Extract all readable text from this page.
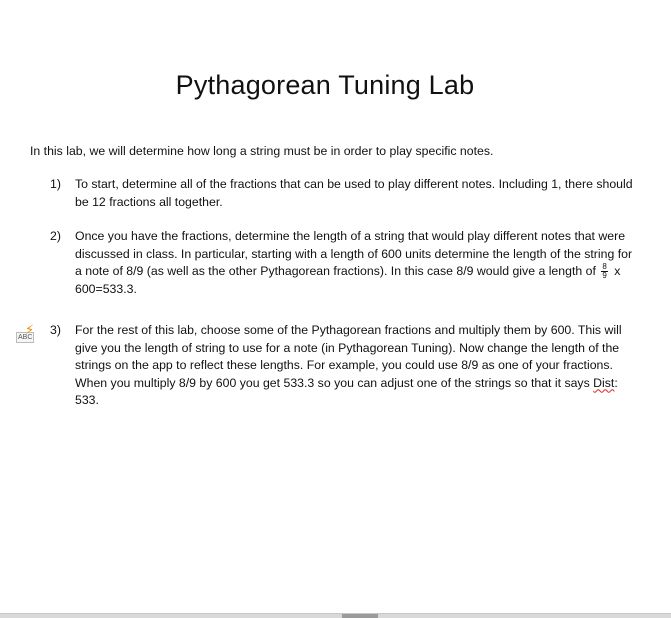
Pythagorean Tuning Lab
In this lab, we will determine how long a string must be in order to play specific notes.
1) To start, determine all of the fractions that can be used to play different notes. Including 1, there should be 12 fractions all together.
2) Once you have the fractions, determine the length of a string that would play different notes that were discussed in class. In particular, starting with a length of 600 units determine the length of the string for a note of 8/9 (as well as the other Pythagorean fractions). In this case 8/9 would give a length of $\frac{8}{9}$ x 600=533.3.
ABC
⚡ 3) For the rest of this lab, choose some of the Pythagorean fractions and multiply them by 600. This will give you the length of string to use for a note (in Pythagorean Tuning). Now change the length of the strings on the app to reflect these lengths. For example, you could use 8/9 as one of your fractions. When you multiply 8/9 by 600 you get 533.3 so you can adjust one of the strings so that it says Dist: 533.
